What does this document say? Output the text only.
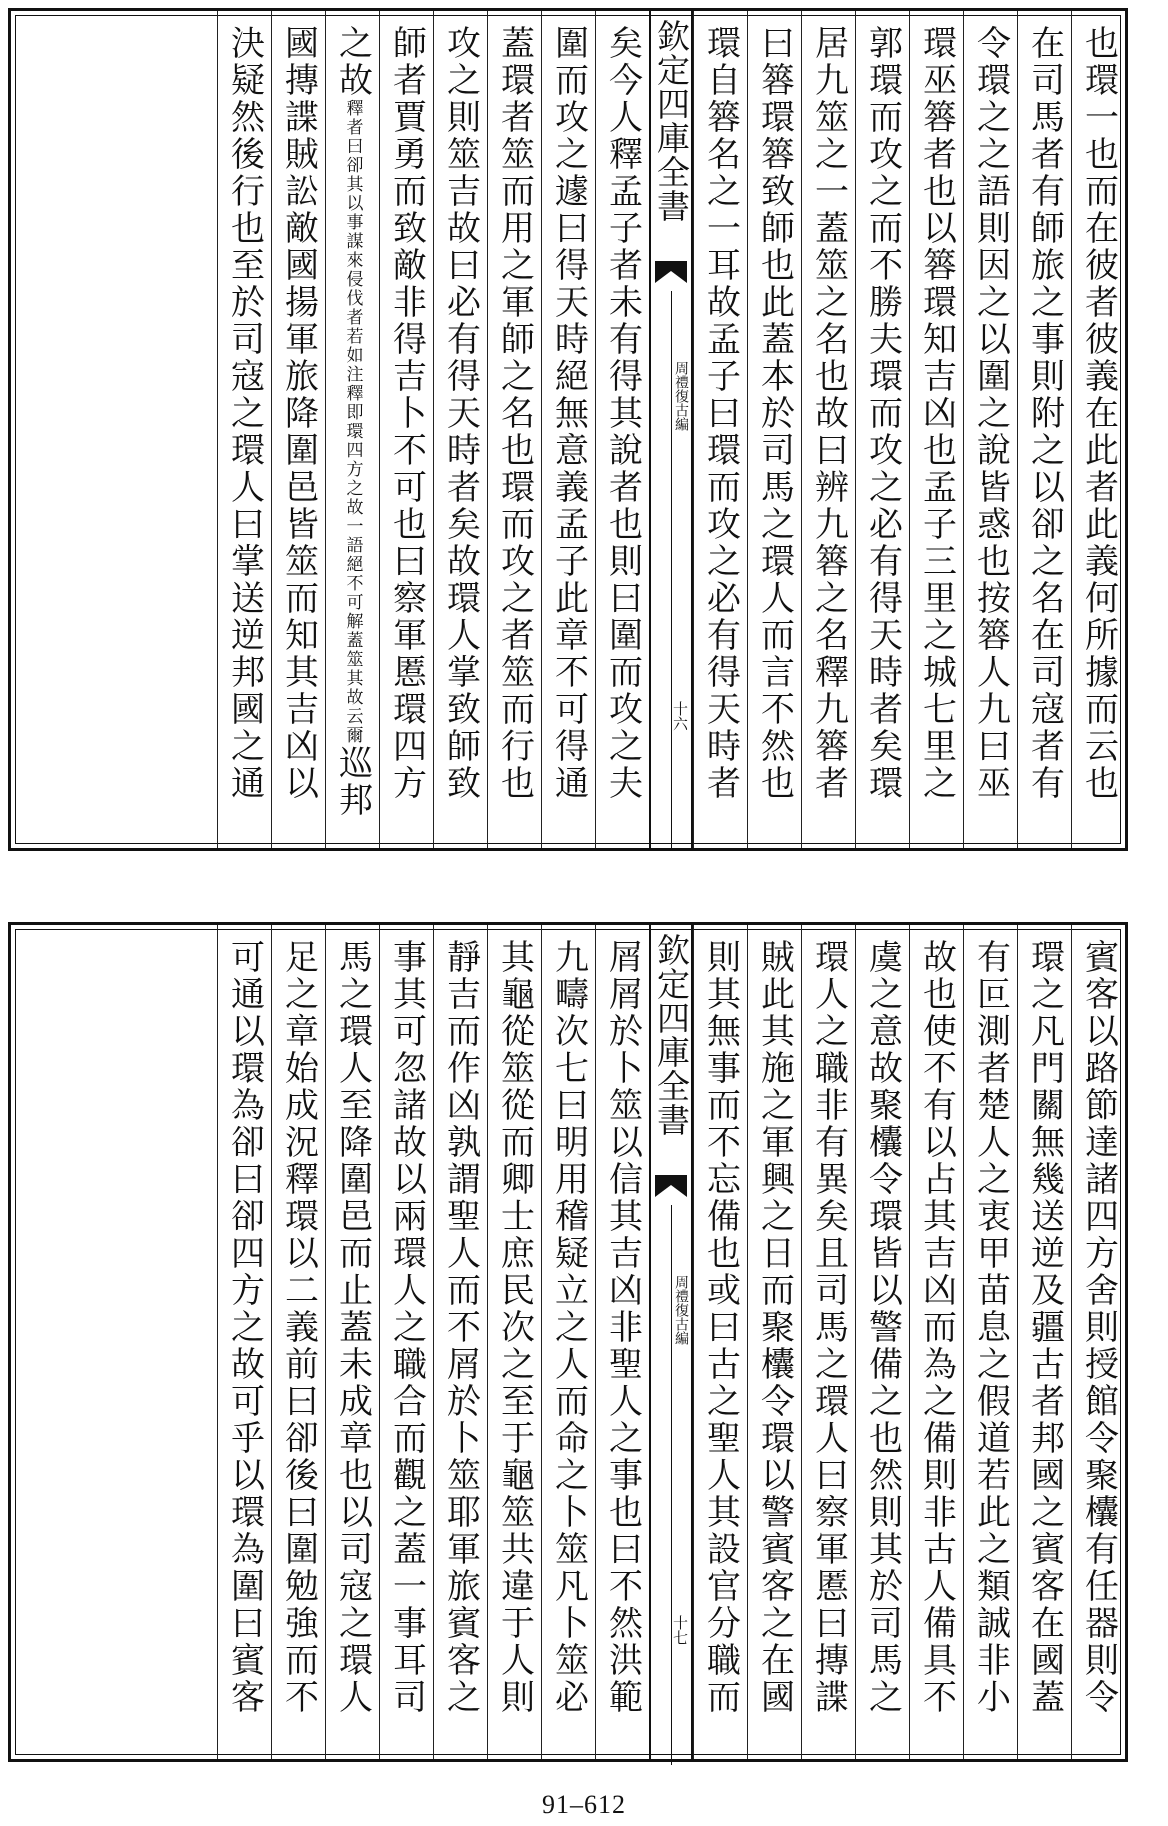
也環一也而在彼者彼義在此者此義何所據而云也
在司馬者有師旅之事則附之以卻之名在司寇者有
令環之之語則因之以圍之說皆惑也按簭人九曰巫
環巫簭者也以簭環知吉凶也孟子三里之城七里之
郭環而攻之而不勝夫環而攻之必有得天時者矣環
居九筮之一蓋筮之名也故曰辨九簭之名釋九簭者
曰簭環簭致師也此蓋本於司馬之環人而言不然也
環自簭名之一耳故孟子曰環而攻之必有得天時者
欽定四庫全書
周禮復古編
十六
矣今人釋孟子者未有得其說者也則曰圍而攻之夫
圍而攻之遽曰得天時絕無意義孟子此章不可得通
蓋環者筮而用之軍師之名也環而攻之者筮而行也
攻之則筮吉故曰必有得天時者矣故環人掌致師致
師者賈勇而致敵非得吉卜不可也曰察軍慝環四方
之故釋者曰卻其以事謀來侵伐者若如注釋即環四方之故一語絕不可解蓋筮其故云爾巡邦
國摶諜賊訟敵國揚軍旅降圍邑皆筮而知其吉凶以
決疑然後行也至於司寇之環人曰掌送逆邦國之通
賓客以路節達諸四方舍則授館令聚欜有任器則令
環之凡門關無幾送逆及疆古者邦國之賓客在國蓋
有叵測者楚人之衷甲苗息之假道若此之類誠非小
故也使不有以占其吉凶而為之備則非古人備具不
虞之意故聚欜令環皆以警備之也然則其於司馬之
環人之職非有異矣且司馬之環人曰察軍慝曰摶諜
賊此其施之軍興之日而聚欜令環以警賓客之在國
則其無事而不忘備也或曰古之聖人其設官分職而
欽定四庫全書
周禮復古編
十七
屑屑於卜筮以信其吉凶非聖人之事也曰不然洪範
九疇次七曰明用稽疑立之人而命之卜筮凡卜筮必
其龜從筮從而卿士庶民次之至于龜筮共違于人則
靜吉而作凶孰謂聖人而不屑於卜筮耶軍旅賓客之
事其可忽諸故以兩環人之職合而觀之蓋一事耳司
馬之環人至降圍邑而止蓋未成章也以司寇之環人
足之章始成況釋環以二義前曰卻後曰圍勉強而不
可通以環為卻曰卻四方之故可乎以環為圍曰賓客
91–612
